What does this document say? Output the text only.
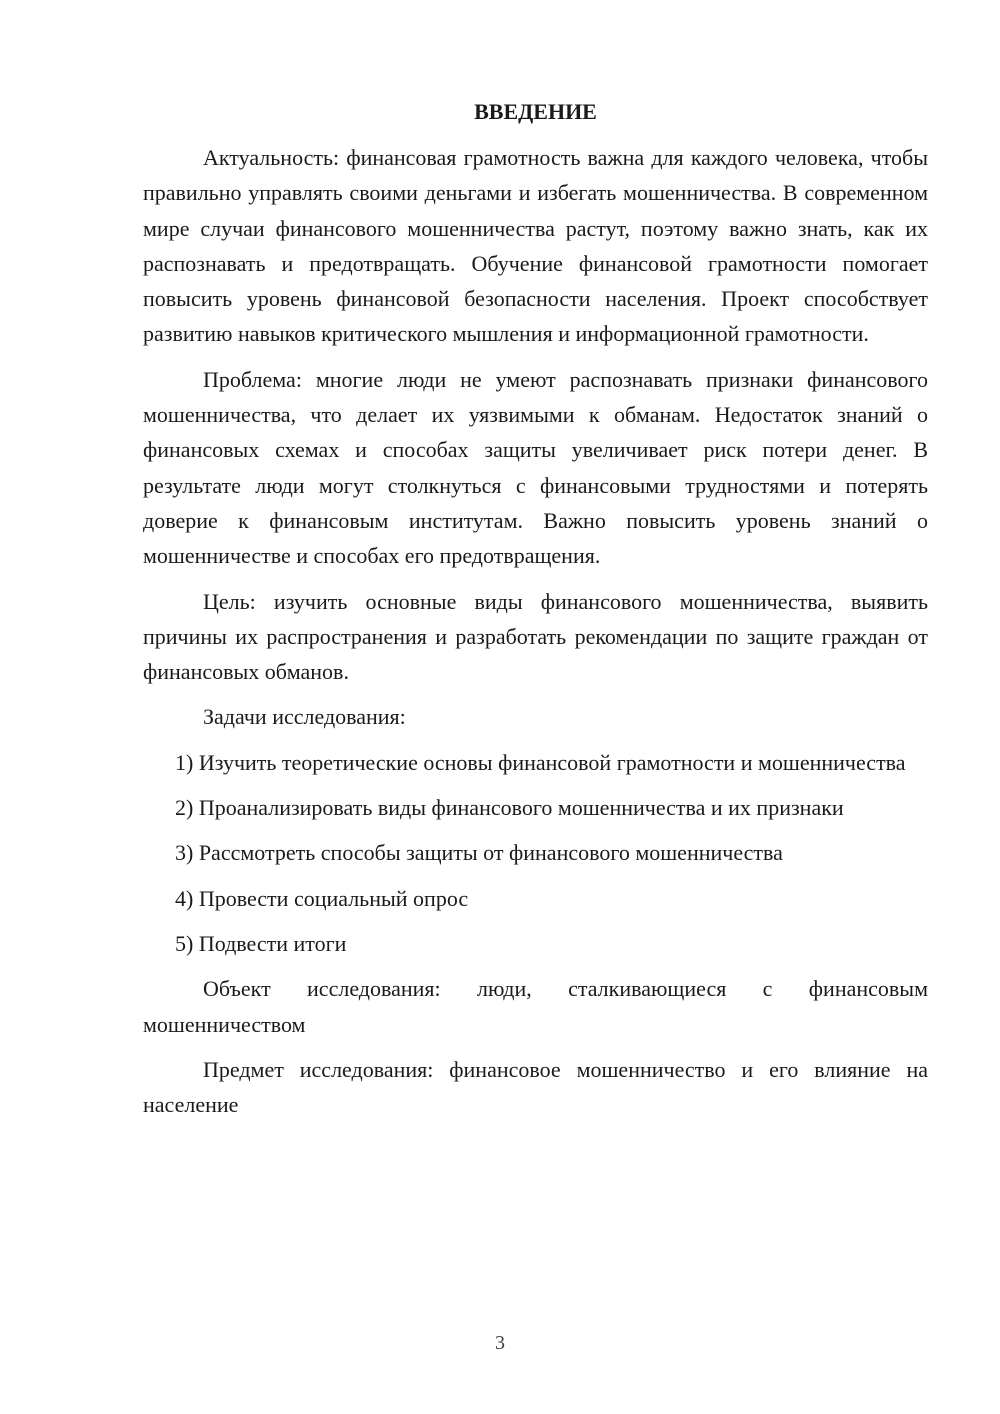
ВВЕДЕНИЕ

Актуальность: финансовая грамотность важна для каждого человека, чтобы правильно управлять своими деньгами и избегать мошенничества. В современном мире случаи финансового мошенничества растут, поэтому важно знать, как их распознавать и предотвращать. Обучение финансовой грамотности помогает повысить уровень финансовой безопасности населения. Проект способствует развитию навыков критического мышления и информационной грамотности.

Проблема: многие люди не умеют распознавать признаки финансового мошенничества, что делает их уязвимыми к обманам. Недостаток знаний о финансовых схемах и способах защиты увеличивает риск потери денег. В результате люди могут столкнуться с финансовыми трудностями и потерять доверие к финансовым институтам. Важно повысить уровень знаний о мошенничестве и способах его предотвращения.

Цель: изучить основные виды финансового мошенничества, выявить причины их распространения и разработать рекомендации по защите граждан от финансовых обманов.

Задачи исследования:

1) Изучить теоретические основы финансовой грамотности и мошенничества

2) Проанализировать виды финансового мошенничества и их признаки

3) Рассмотреть способы защиты от финансового мошенничества

4) Провести социальный опрос

5) Подвести итоги

Объект исследования: люди, сталкивающиеся с финансовым мошенничеством

Предмет исследования: финансовое мошенничество и его влияние на население

3
